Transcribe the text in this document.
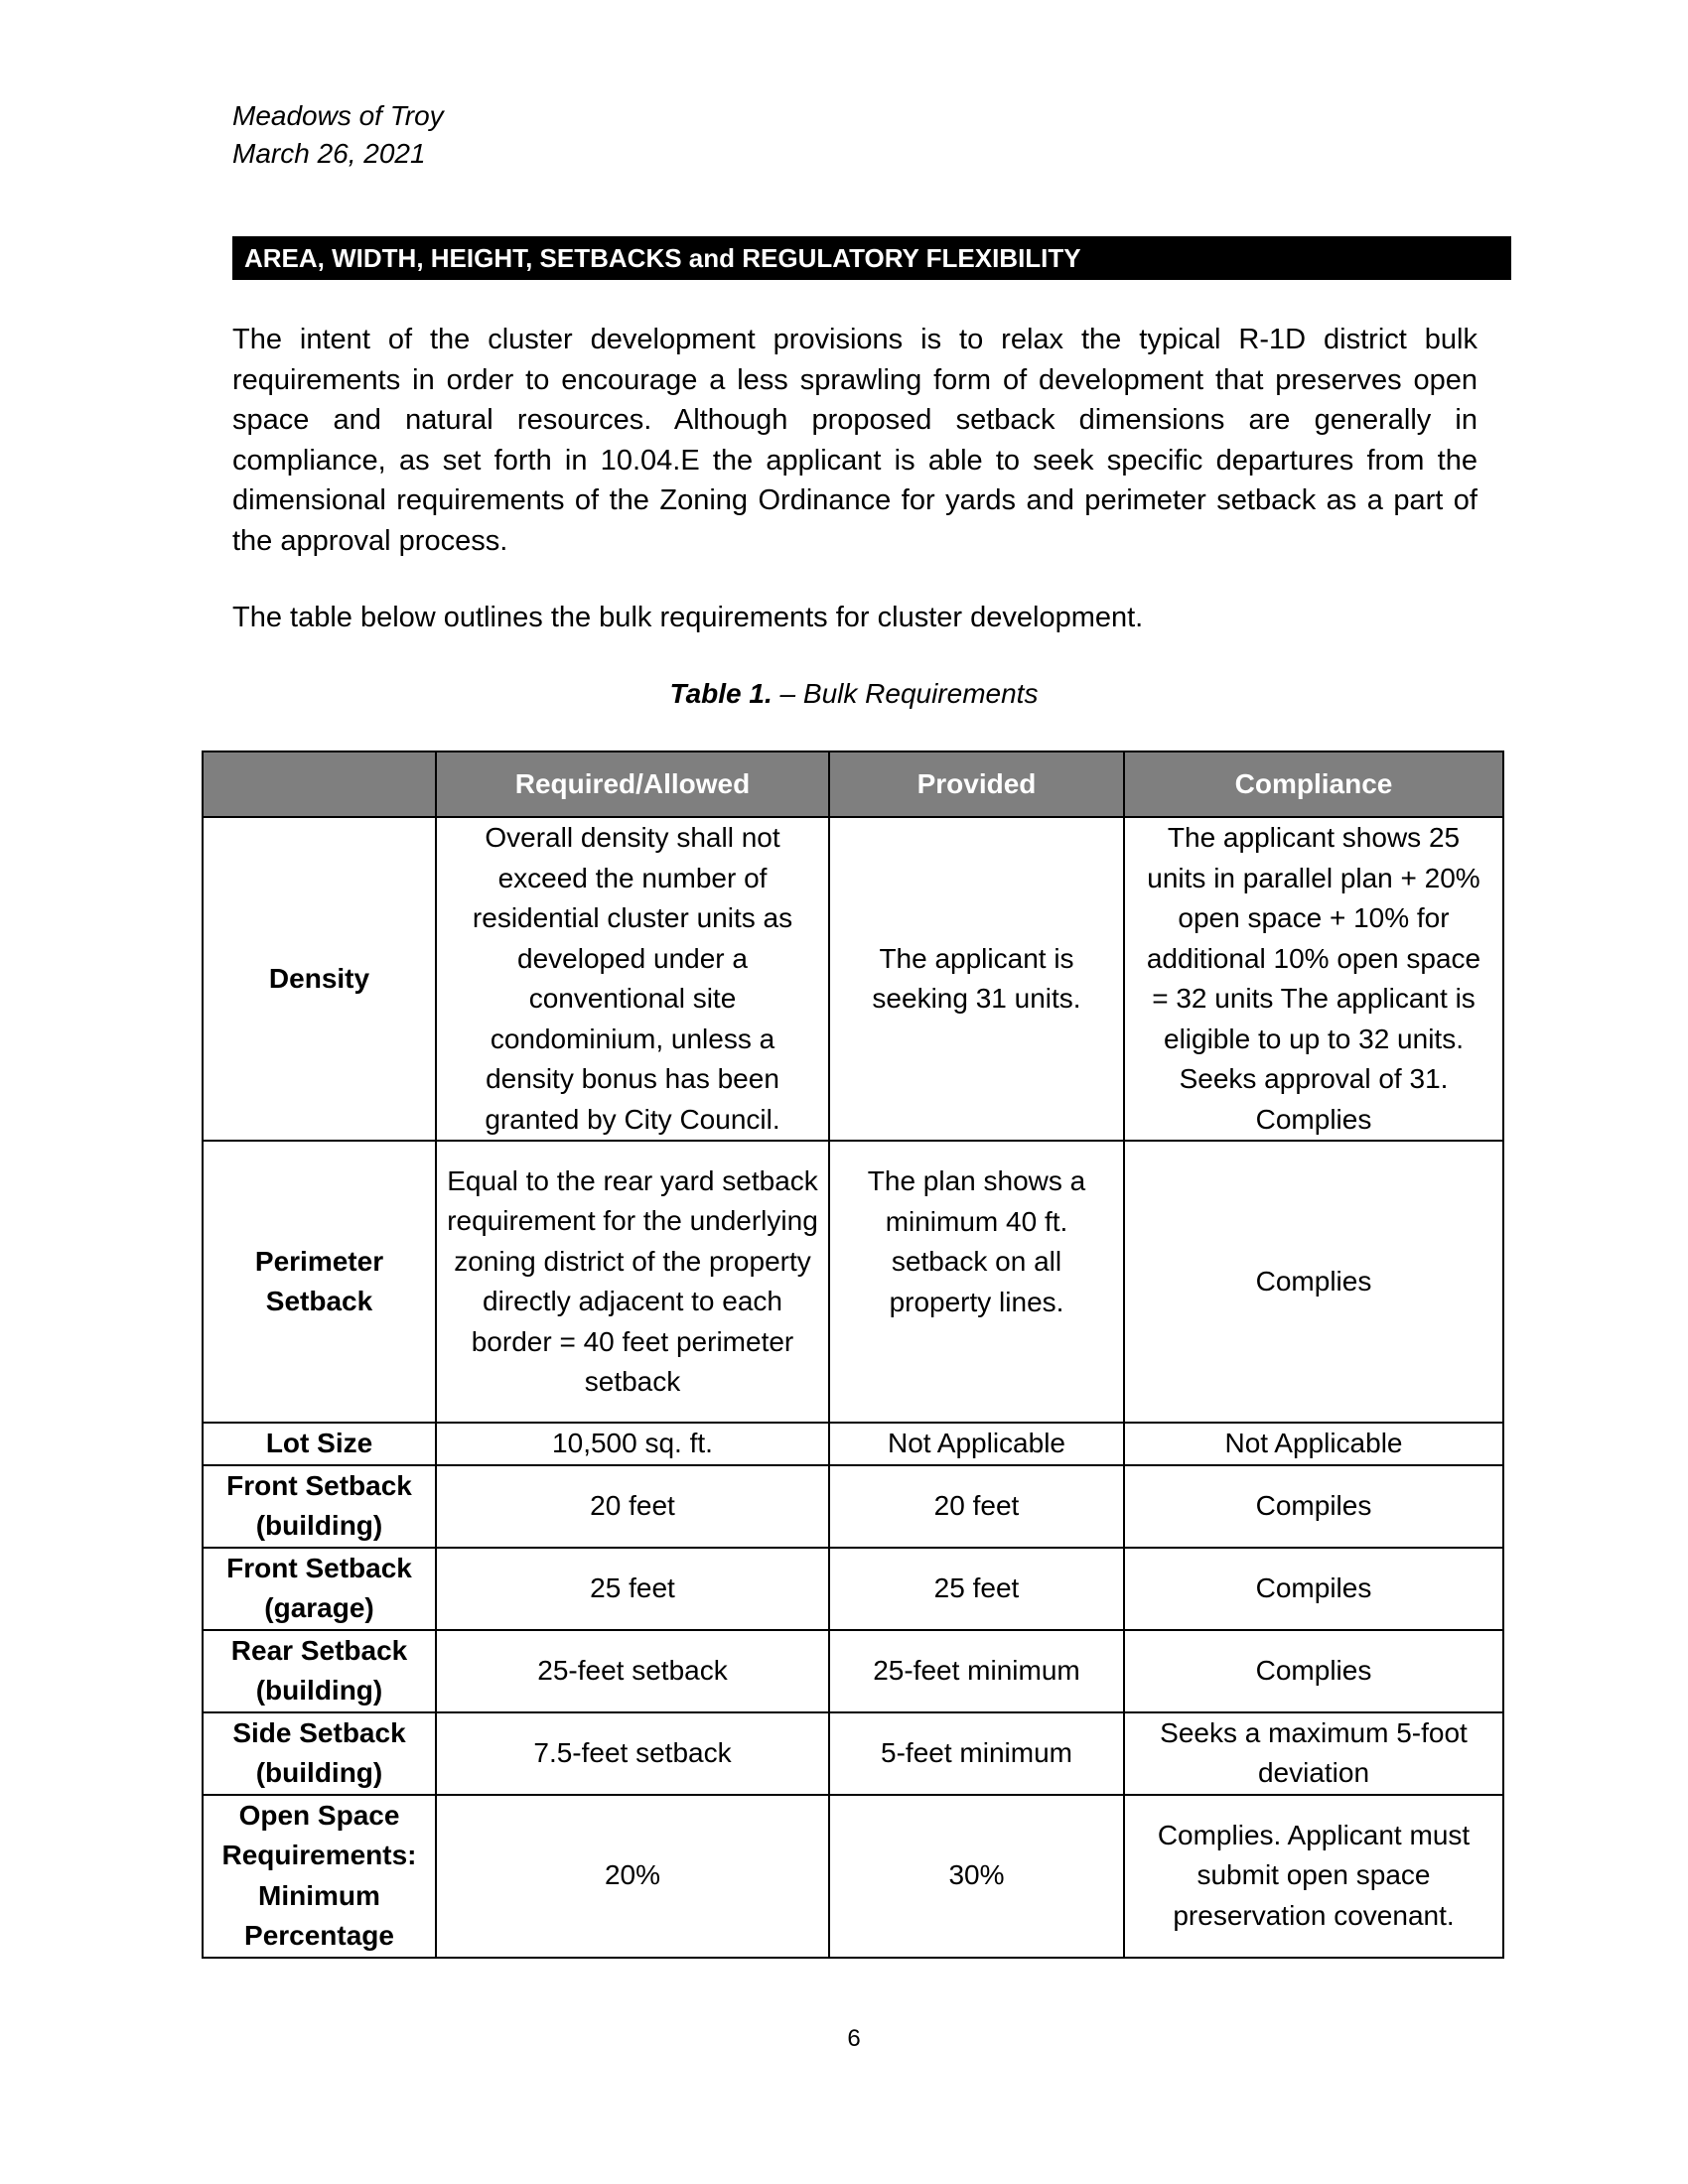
Meadows of Troy
March 26, 2021
AREA, WIDTH, HEIGHT, SETBACKS and REGULATORY FLEXIBILITY
The intent of the cluster development provisions is to relax the typical R-1D district bulk requirements in order to encourage a less sprawling form of development that preserves open space and natural resources. Although proposed setback dimensions are generally in compliance, as set forth in 10.04.E the applicant is able to seek specific departures from the dimensional requirements of the Zoning Ordinance for yards and perimeter setback as a part of the approval process.
The table below outlines the bulk requirements for cluster development.
Table 1. – Bulk Requirements
	Required/Allowed	Provided	Compliance
Density	Overall density shall not exceed the number of residential cluster units as developed under a conventional site condominium, unless a density bonus has been granted by City Council.	The applicant is seeking 31 units.	The applicant shows 25 units in parallel plan + 20% open space + 10% for additional 10% open space = 32 units The applicant is eligible to up to 32 units. Seeks approval of 31. Complies
Perimeter Setback	Equal to the rear yard setback requirement for the underlying zoning district of the property directly adjacent to each border = 40 feet perimeter setback	The plan shows a minimum 40 ft. setback on all property lines.	Complies
Lot Size	10,500 sq. ft.	Not Applicable	Not Applicable
Front Setback (building)	20 feet	20 feet	Compiles
Front Setback (garage)	25 feet	25 feet	Compiles
Rear Setback (building)	25-feet setback	25-feet minimum	Complies
Side Setback (building)	7.5-feet setback	5-feet minimum	Seeks a maximum 5-foot deviation
Open Space Requirements: Minimum Percentage	20%	30%	Complies. Applicant must submit open space preservation covenant.
6
